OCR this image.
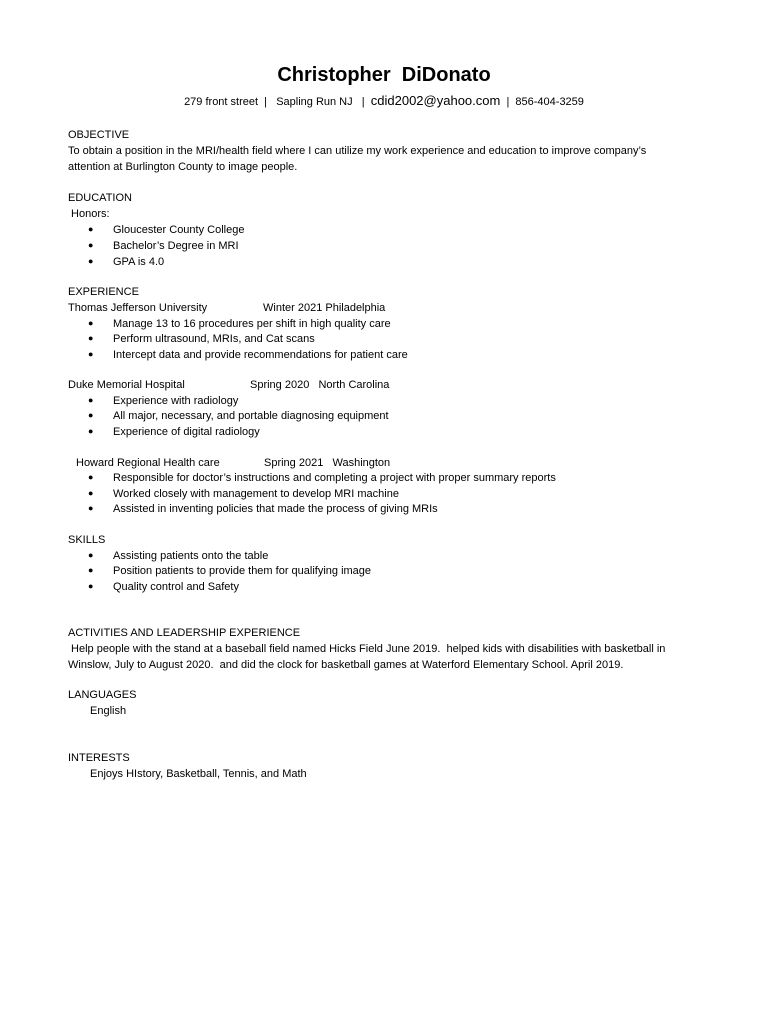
Christopher  DiDonato
279 front street  |   Sapling Run NJ   |  cdid2002@yahoo.com  |  856-404-3259
OBJECTIVE
To obtain a position in the MRI/health field where I can utilize my work experience and education to improve company’s
attention at Burlington County to image people.
EDUCATION
Honors:
● Gloucester County College
● Bachelor’s Degree in MRI
● GPA is 4.0
EXPERIENCE
Thomas Jefferson University	Winter 2021 Philadelphia
● Manage 13 to 16 procedures per shift in high quality care
● Perform ultrasound, MRIs, and Cat scans
● Intercept data and provide recommendations for patient care
Duke Memorial Hospital	Spring 2020   North Carolina
● Experience with radiology
● All major, necessary, and portable diagnosing equipment
● Experience of digital radiology
Howard Regional Health care	Spring 2021   Washington
● Responsible for doctor’s instructions and completing a project with proper summary reports
● Worked closely with management to develop MRI machine
● Assisted in inventing policies that made the process of giving MRIs
SKILLS
● Assisting patients onto the table
● Position patients to provide them for qualifying image
● Quality control and Safety
ACTIVITIES AND LEADERSHIP EXPERIENCE
Help people with the stand at a baseball field named Hicks Field June 2019.  helped kids with disabilities with basketball in
Winslow, July to August 2020.  and did the clock for basketball games at Waterford Elementary School. April 2019.
LANGUAGES
English
INTERESTS
Enjoys HIstory, Basketball, Tennis, and Math
